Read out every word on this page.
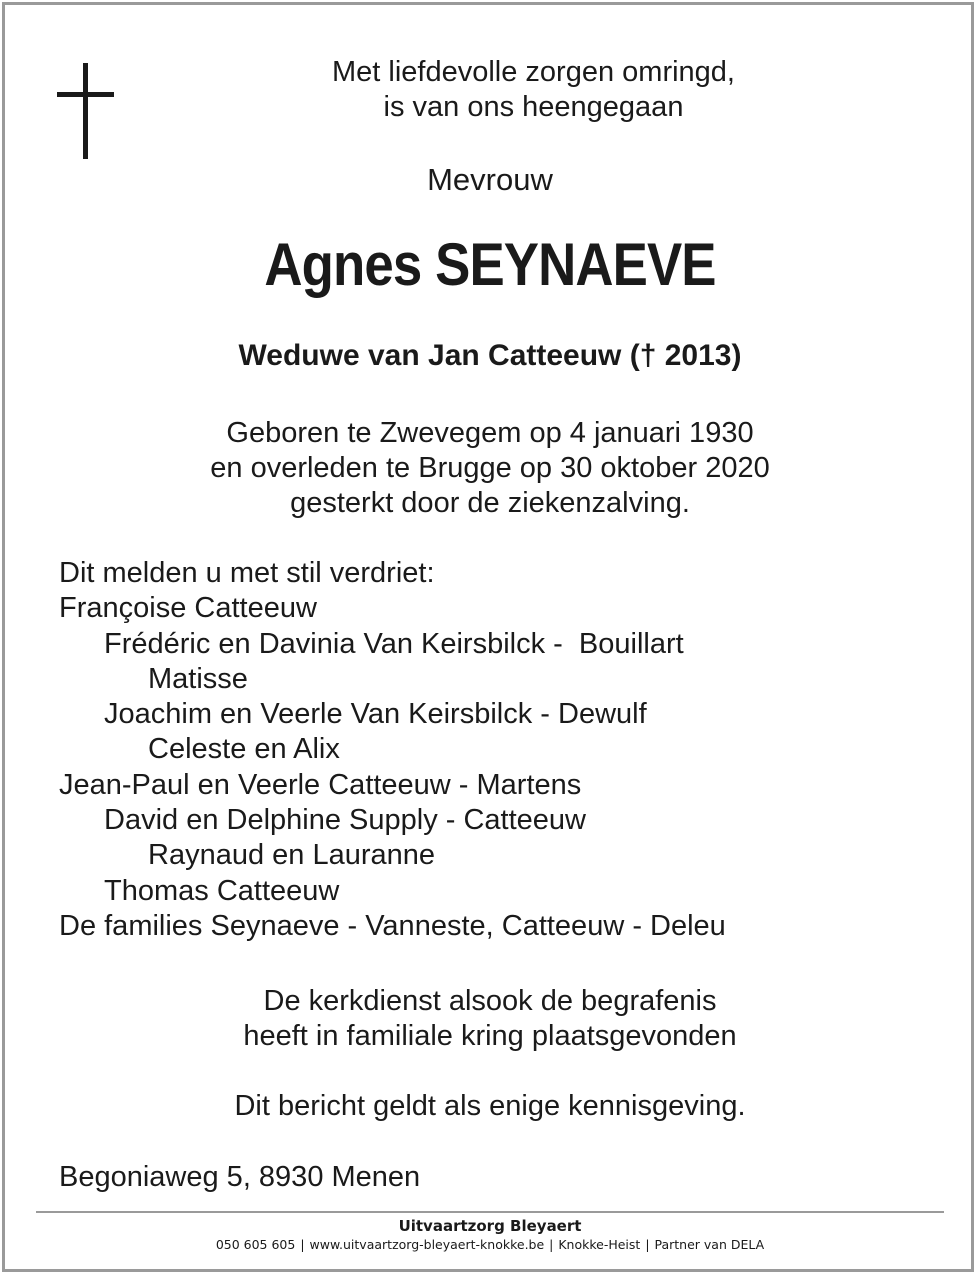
Met liefdevolle zorgen omringd,
is van ons heengegaan
Mevrouw
Agnes SEYNAEVE
Weduwe van Jan Catteeuw († 2013)
Geboren te Zwevegem op 4 januari 1930
en overleden te Brugge op 30 oktober 2020
gesterkt door de ziekenzalving.
Dit melden u met stil verdriet:
Françoise Catteeuw
Frédéric en Davinia Van Keirsbilck -  Bouillart
Matisse
Joachim en Veerle Van Keirsbilck - Dewulf
Celeste en Alix
Jean-Paul en Veerle Catteeuw - Martens
David en Delphine Supply - Catteeuw
Raynaud en Lauranne
Thomas Catteeuw
De families Seynaeve - Vanneste, Catteeuw - Deleu
De kerkdienst alsook de begrafenis
heeft in familiale kring plaatsgevonden
Dit bericht geldt als enige kennisgeving.
Begoniaweg 5, 8930 Menen
Uitvaartzorg Bleyaert
050 605 605 | www.uitvaartzorg-bleyaert-knokke.be | Knokke-Heist | Partner van DELA
